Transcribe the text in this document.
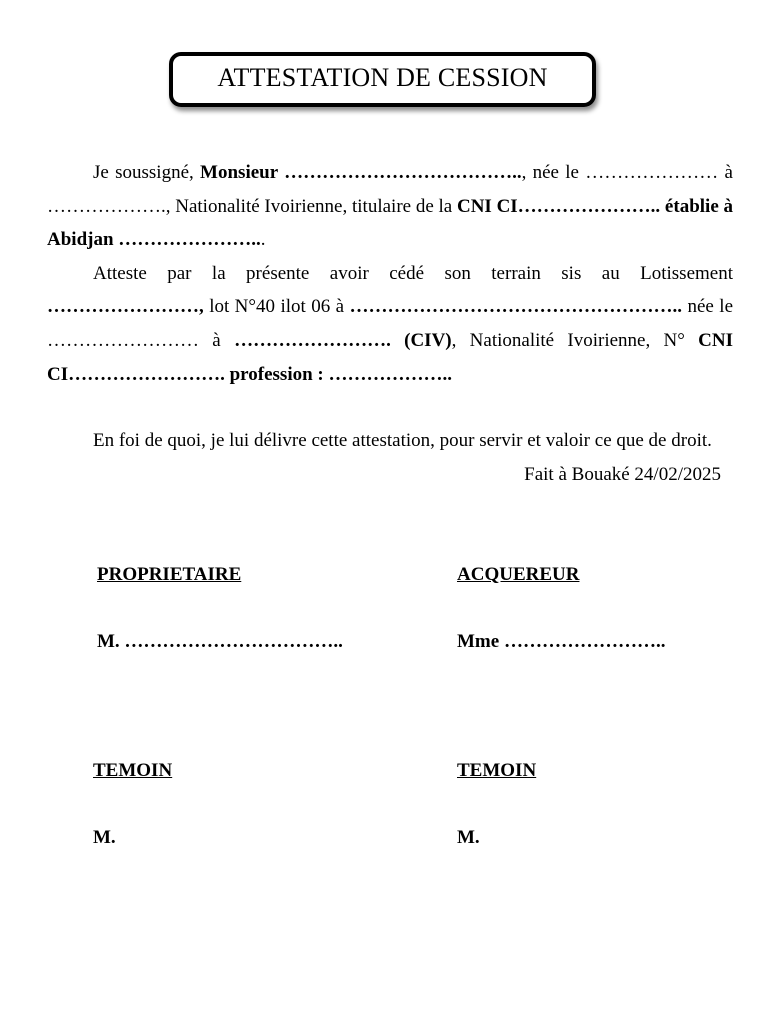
ATTESTATION DE CESSION

Je soussigné, Monsieur ……………………………….., née le ………………… à ………………., Nationalité Ivoirienne, titulaire de la CNI CI………………….. établie à Abidjan …………………...

Atteste par la présente avoir cédé son terrain sis au Lotissement ……………………, lot N°40 ilot 06 à …………………………………………….. née le …………………… à ……………………. (CIV), Nationalité Ivoirienne, N° CNI CI……………………. profession : ………………..

En foi de quoi, je lui délivre cette attestation, pour servir et valoir ce que de droit.

Fait à Bouaké 24/02/2025

PROPRIETAIRE
M. ……………………………..
ACQUEREUR
Mme ……………………..
TEMOIN
M.
TEMOIN
M.
